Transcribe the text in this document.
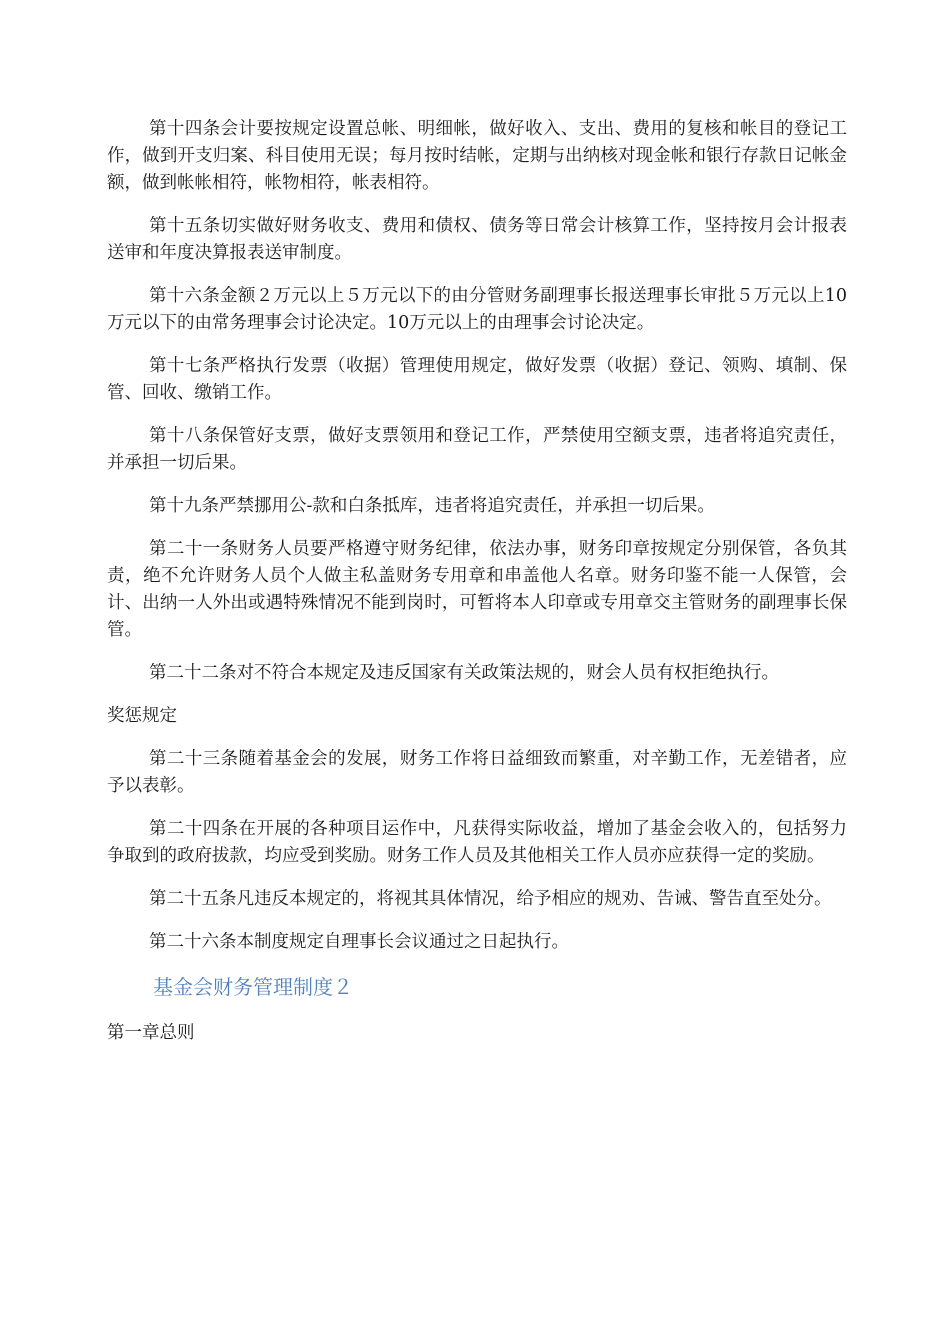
第十四条会计要按规定设置总帐、明细帐，做好收入、支出、费用的复核和帐目的登记工作，做到开支归案、科目使用无误；每月按时结帐，定期与出纳核对现金帐和银行存款日记帐金额，做到帐帐相符，帐物相符，帐表相符。

第十五条切实做好财务收支、费用和债权、债务等日常会计核算工作，坚持按月会计报表送审和年度决算报表送审制度。

第十六条金额２万元以上５万元以下的由分管财务副理事长报送理事长审批５万元以上10万元以下的由常务理事会讨论决定。10万元以上的由理事会讨论决定。

第十七条严格执行发票（收据）管理使用规定，做好发票（收据）登记、领购、填制、保管、回收、缴销工作。

第十八条保管好支票，做好支票领用和登记工作，严禁使用空额支票，违者将追究责任，并承担一切后果。

第十九条严禁挪用公-款和白条抵库，违者将追究责任，并承担一切后果。

第二十一条财务人员要严格遵守财务纪律，依法办事，财务印章按规定分别保管，各负其责，绝不允许财务人员个人做主私盖财务专用章和串盖他人名章。财务印鉴不能一人保管，会计、出纳一人外出或遇特殊情况不能到岗时，可暂将本人印章或专用章交主管财务的副理事长保管。

第二十二条对不符合本规定及违反国家有关政策法规的，财会人员有权拒绝执行。

奖惩规定

第二十三条随着基金会的发展，财务工作将日益细致而繁重，对辛勤工作，无差错者，应予以表彰。

第二十四条在开展的各种项目运作中，凡获得实际收益，增加了基金会收入的，包括努力争取到的政府拔款，均应受到奖励。财务工作人员及其他相关工作人员亦应获得一定的奖励。

第二十五条凡违反本规定的，将视其具体情况，给予相应的规劝、告诫、警告直至处分。

第二十六条本制度规定自理事长会议通过之日起执行。

基金会财务管理制度２

第一章总则
